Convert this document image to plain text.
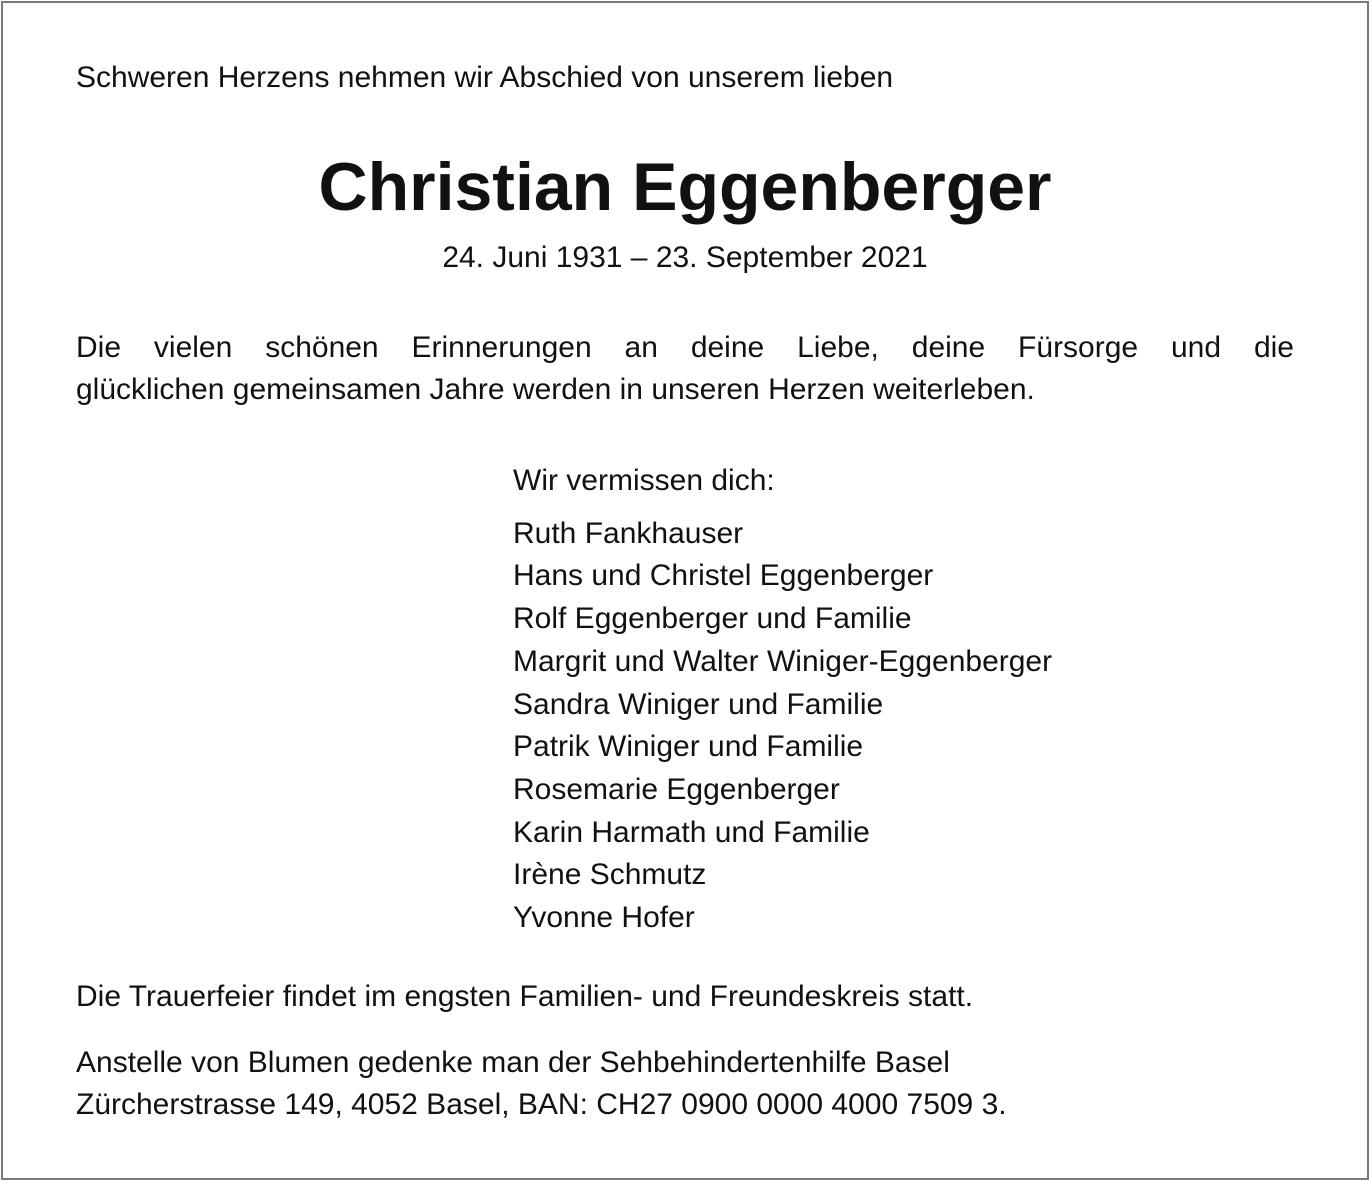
Schweren Herzens nehmen wir Abschied von unserem lieben
Christian Eggenberger
24. Juni 1931 – 23. September 2021
Die vielen schönen Erinnerungen an deine Liebe, deine Fürsorge und die
glücklichen gemeinsamen Jahre werden in unseren Herzen weiterleben.
Wir vermissen dich:
Ruth Fankhauser
Hans und Christel Eggenberger
Rolf Eggenberger und Familie
Margrit und Walter Winiger-Eggenberger
Sandra Winiger und Familie
Patrik Winiger und Familie
Rosemarie Eggenberger
Karin Harmath und Familie
Irène Schmutz
Yvonne Hofer
Die Trauerfeier findet im engsten Familien- und Freundeskreis statt.
Anstelle von Blumen gedenke man der Sehbehindertenhilfe Basel
Zürcherstrasse 149, 4052 Basel, BAN: CH27 0900 0000 4000 7509 3.
